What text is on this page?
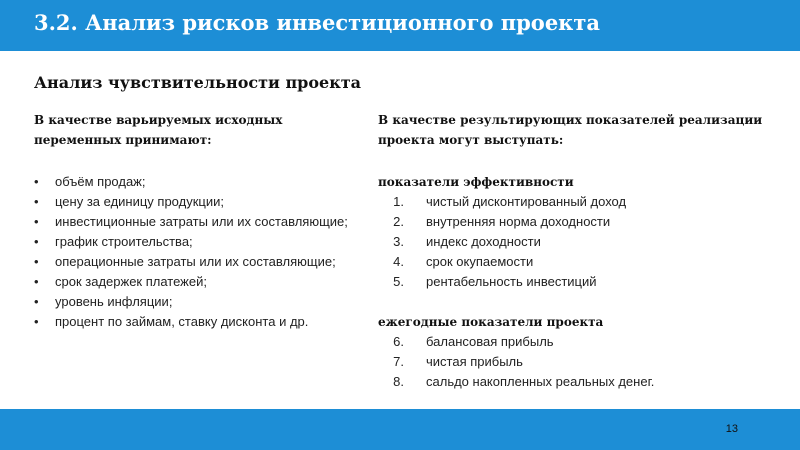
3.2. Анализ рисков инвестиционного проекта
Анализ чувствительности проекта
В качестве варьируемых исходных переменных принимают:
В качестве результирующих показателей реализации проекта могут выступать:
• объём продаж;
• цену за единицу продукции;
• инвестиционные затраты или их составляющие;
• график строительства;
• операционные затраты или их составляющие;
• срок задержек платежей;
• уровень инфляции;
• процент по займам, ставку дисконта и др.
показатели эффективности
1. чистый дисконтированный доход
2. внутренняя норма доходности
3. индекс доходности
4. срок окупаемости
5. рентабельность инвестиций
ежегодные показатели проекта
6. балансовая прибыль
7. чистая прибыль
8. сальдо накопленных реальных денег.
13
